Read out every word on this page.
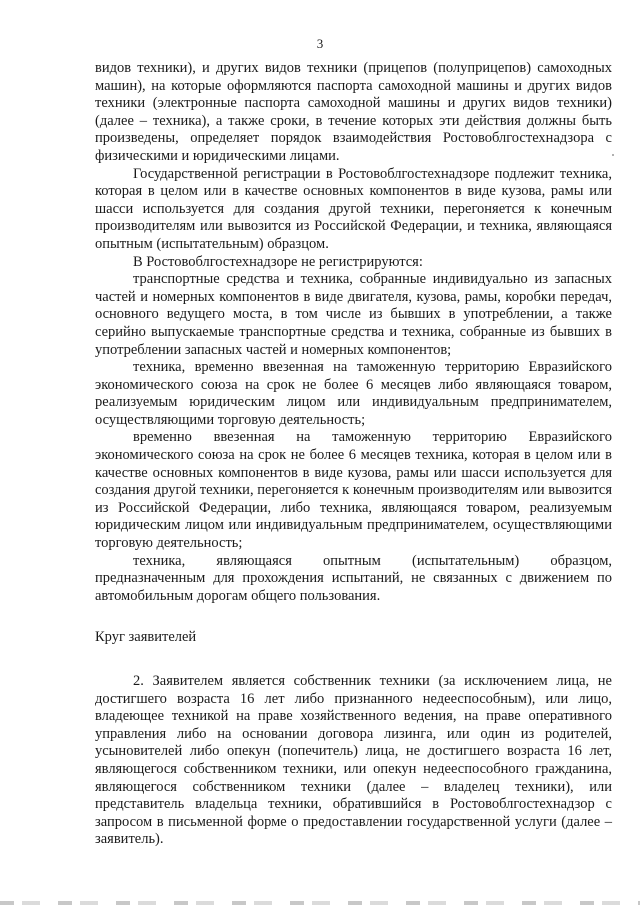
3

видов техники), и других видов техники (прицепов (полуприцепов) самоходных машин), на которые оформляются паспорта самоходной машины и других видов техники (электронные паспорта самоходной машины и других видов техники) (далее – техника), а также сроки, в течение которых эти действия должны быть произведены, определяет порядок взаимодействия Ростовоблгостехнадзора с физическими и юридическими лицами.

Государственной регистрации в Ростовоблгостехнадзоре подлежит техника, которая в целом или в качестве основных компонентов в виде кузова, рамы или шасси используется для создания другой техники, перегоняется к конечным производителям или вывозится из Российской Федерации, и техника, являющаяся опытным (испытательным) образцом.

В Ростовоблгостехнадзоре не регистрируются:

транспортные средства и техника, собранные индивидуально из запасных частей и номерных компонентов в виде двигателя, кузова, рамы, коробки передач, основного ведущего моста, в том числе из бывших в употреблении, а также серийно выпускаемые транспортные средства и техника, собранные из бывших в употреблении запасных частей и номерных компонентов;

техника, временно ввезенная на таможенную территорию Евразийского экономического союза на срок не более 6 месяцев либо являющаяся товаром, реализуемым юридическим лицом или индивидуальным предпринимателем, осуществляющими торговую деятельность;

временно ввезенная на таможенную территорию Евразийского экономического союза на срок не более 6 месяцев техника, которая в целом или в качестве основных компонентов в виде кузова, рамы или шасси используется для создания другой техники, перегоняется к конечным производителям или вывозится из Российской Федерации, либо техника, являющаяся товаром, реализуемым юридическим лицом или индивидуальным предпринимателем, осуществляющими торговую деятельность;

техника, являющаяся опытным (испытательным) образцом, предназначенным для прохождения испытаний, не связанных с движением по автомобильным дорогам общего пользования.

Круг заявителей

2. Заявителем является собственник техники (за исключением лица, не достигшего возраста 16 лет либо признанного недееспособным), или лицо, владеющее техникой на праве хозяйственного ведения, на праве оперативного управления либо на основании договора лизинга, или один из родителей, усыновителей либо опекун (попечитель) лица, не достигшего возраста 16 лет, являющегося собственником техники, или опекун недееспособного гражданина, являющегося собственником техники (далее – владелец техники), или представитель владельца техники, обратившийся в Ростовоблгостехнадзор с запросом в письменной форме о предоставлении государственной услуги (далее – заявитель).
